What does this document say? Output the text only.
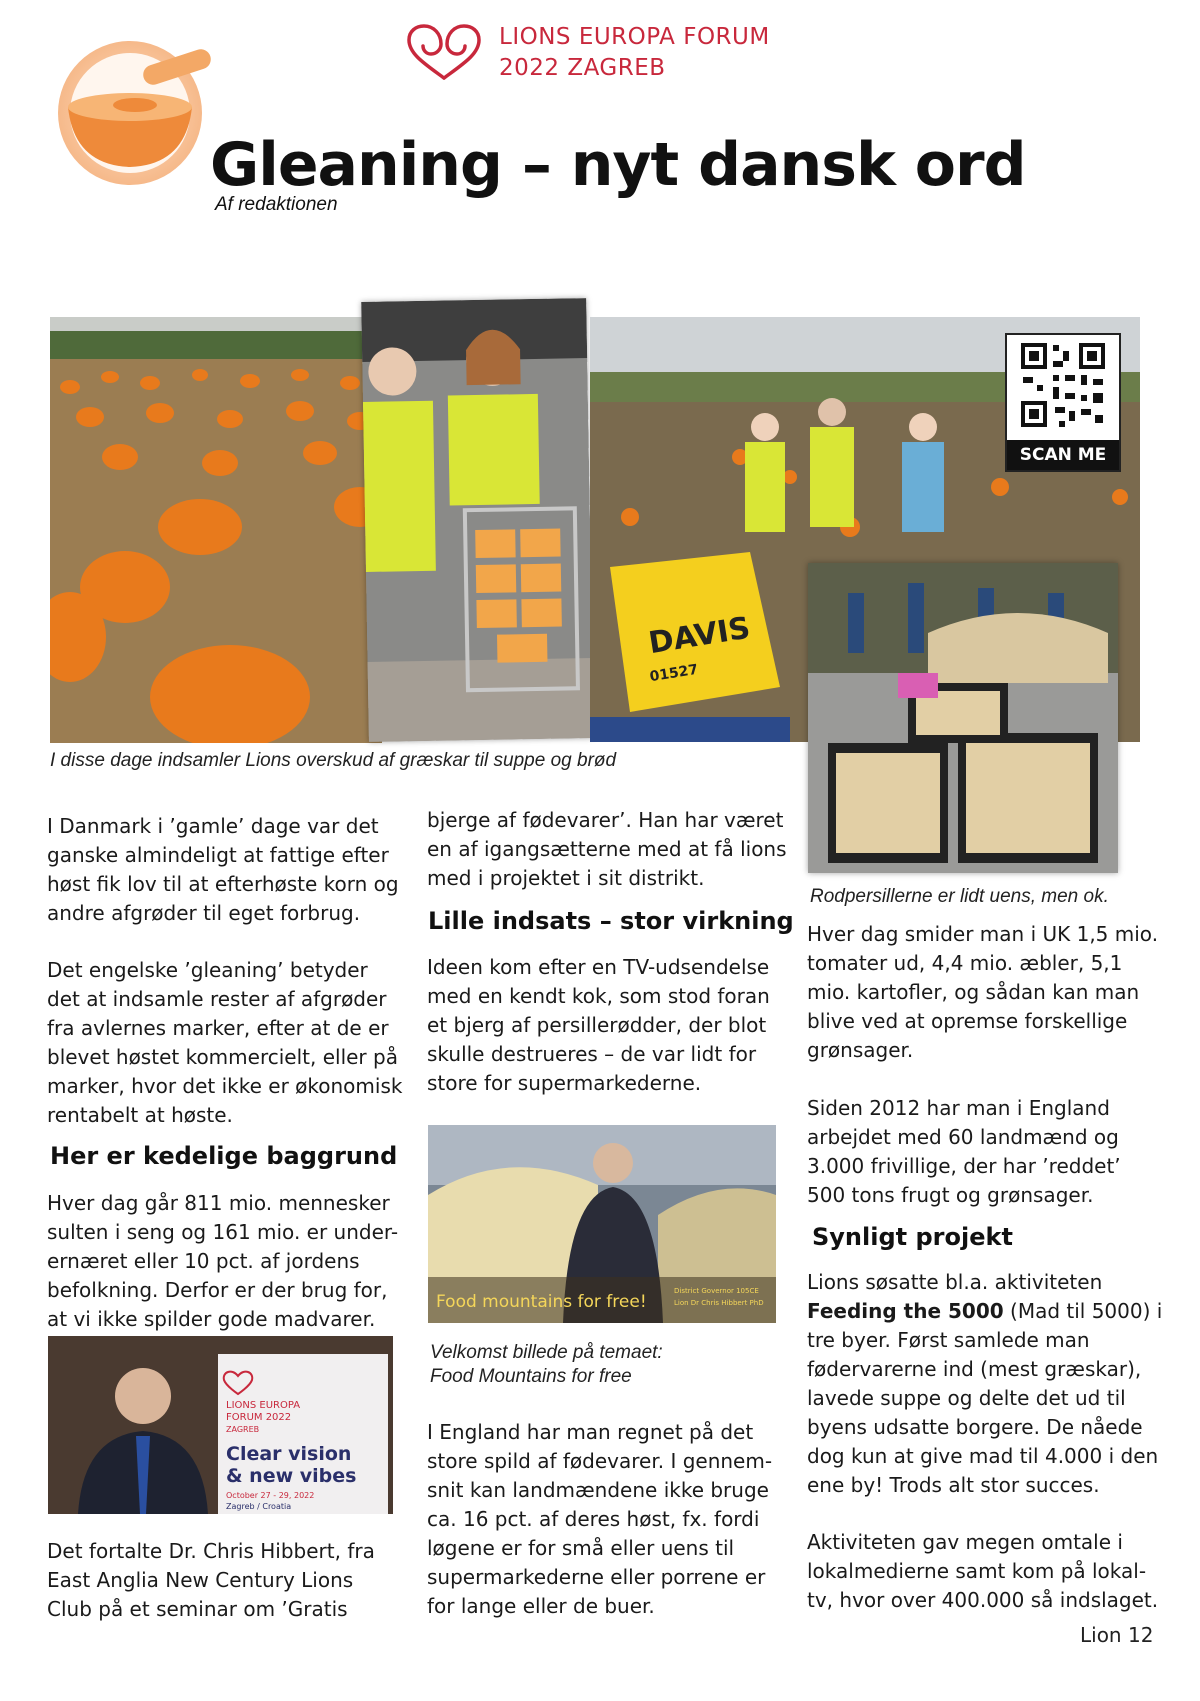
LIONS EUROPA FORUM
2022 ZAGREB
Gleaning – nyt dansk ord
Af redaktionen
DAVIS
01527
SCAN ME
I disse dage indsamler Lions overskud af græskar til suppe og brød
Rodpersillerne er lidt uens, men ok.

I Danmark i ’gamle’ dage var det

ganske almindeligt at fattige efter

høst fik lov til at efterhøste korn og

andre afgrøder til eget forbrug.

Det engelske ’gleaning’ betyder

det at indsamle rester af afgrøder

fra avlernes marker, efter at de er

blevet høstet kommercielt, eller på

marker, hvor det ikke er økonomisk

rentabelt at høste.

Her er kedelige baggrund

Hver dag går 811 mio. mennesker

sulten i seng og 161 mio. er under-

ernæret eller 10 pct. af jordens

befolkning. Derfor er der brug for,

at vi ikke spilder gode madvarer.

LIONS EUROPA
FORUM 2022
ZAGREB
Clear vision
& new vibes
October 27 - 29, 2022
Zagreb / Croatia

Det fortalte Dr. Chris Hibbert, fra

East Anglia New Century Lions

Club på et seminar om ’Gratis

bjerge af fødevarer’. Han har været

en af igangsætterne med at få lions

med i projektet i sit distrikt.

Lille indsats – stor virkning

Ideen kom efter en TV-udsendelse

med en kendt kok, som stod foran

et bjerg af persillerødder, der blot

skulle destrueres – de var lidt for

store for supermarkederne.

Food mountains for free!
District Governor 105CE
Lion Dr Chris Hibbert PhD
Velkomst billede på temaet:
Food Mountains for free

I England har man regnet på det

store spild af fødevarer. I gennem-

snit kan landmændene ikke bruge

ca. 16 pct. af deres høst, fx. fordi

løgene er for små eller uens til

supermarkederne eller porrene er

for lange eller de buer.

Hver dag smider man i UK 1,5 mio.

tomater ud, 4,4 mio. æbler, 5,1

mio. kartofler, og sådan kan man

blive ved at opremse forskellige

grønsager.

Siden 2012 har man i England

arbejdet med 60 landmænd og

3.000 frivillige, der har ’reddet’

500 tons frugt og grønsager.

Synligt projekt

Lions søsatte bl.a. aktiviteten

Feeding the 5000 (Mad til 5000) i

tre byer. Først samlede man

fødervarerne ind (mest græskar),

lavede suppe og delte det ud til

byens udsatte borgere. De nåede

dog kun at give mad til 4.000 i den

ene by! Trods alt stor succes.

Aktiviteten gav megen omtale i

lokalmedierne samt kom på lokal-

tv, hvor over 400.000 så indslaget.

Lion 12
